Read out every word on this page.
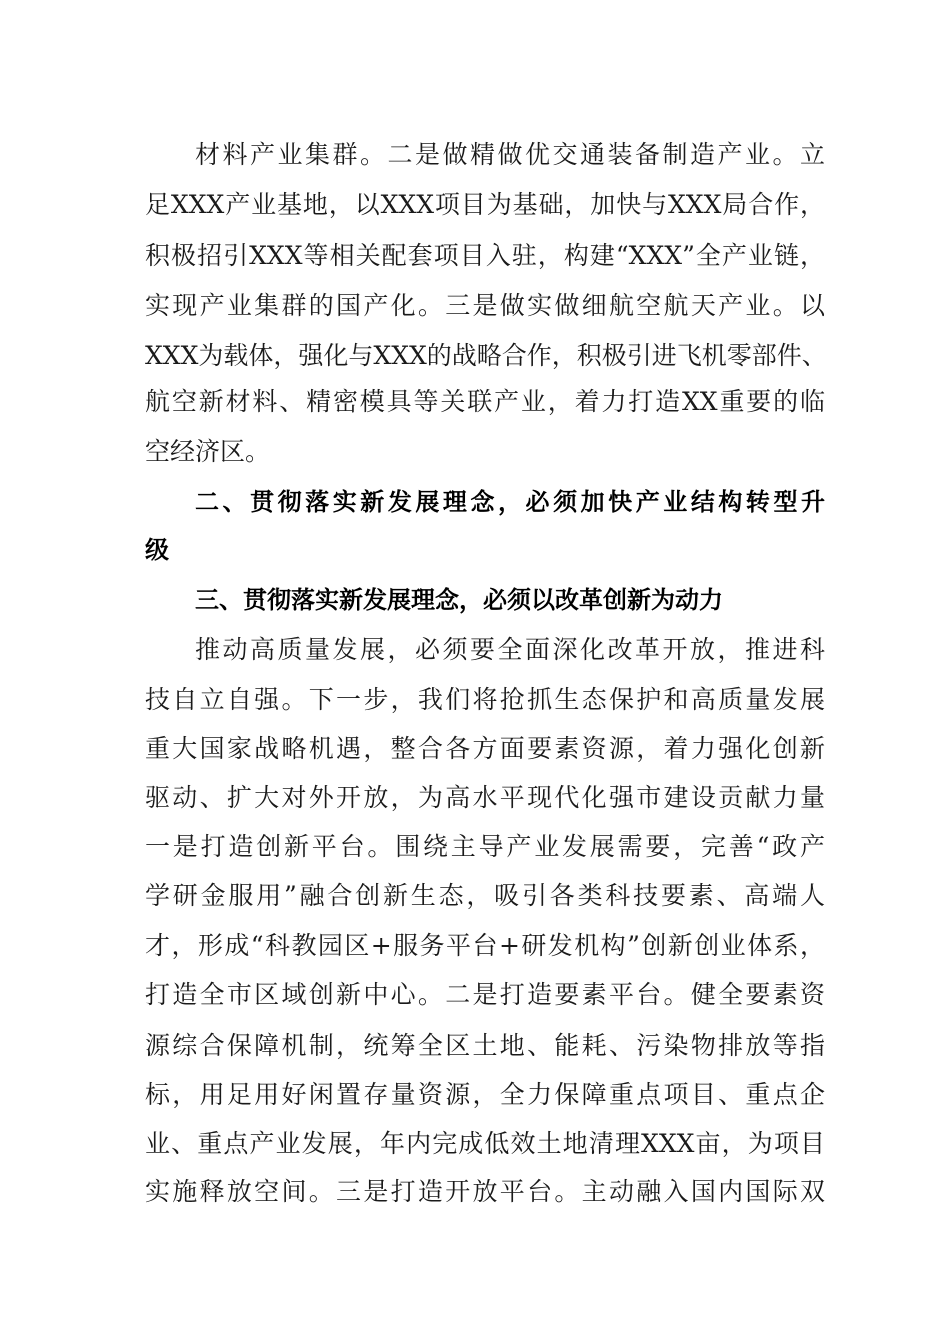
材料产业集群。二是做精做优交通装备制造产业。立
足XXX产业基地，以XXX项目为基础，加快与XXX局合作，
积极招引XXX等相关配套项目入驻，构建“XXX”全产业链，
实现产业集群的国产化。三是做实做细航空航天产业。以
XXX为载体，强化与XXX的战略合作，积极引进飞机零部件、
航空新材料、精密模具等关联产业，着力打造XX重要的临
空经济区。
二、贯彻落实新发展理念，必须加快产业结构转型升
级
三、贯彻落实新发展理念，必须以改革创新为动力
推动高质量发展，必须要全面深化改革开放，推进科
技自立自强。下一步，我们将抢抓生态保护和高质量发展
重大国家战略机遇，整合各方面要素资源，着力强化创新
驱动、扩大对外开放，为高水平现代化强市建设贡献力量
一是打造创新平台。围绕主导产业发展需要，完善“政产
学研金服用”融合创新生态，吸引各类科技要素、高端人
才，形成“科教园区+服务平台+研发机构”创新创业体系，
打造全市区域创新中心。二是打造要素平台。健全要素资
源综合保障机制，统筹全区土地、能耗、污染物排放等指
标，用足用好闲置存量资源，全力保障重点项目、重点企
业、重点产业发展，年内完成低效土地清理XXX亩，为项目
实施释放空间。三是打造开放平台。主动融入国内国际双
